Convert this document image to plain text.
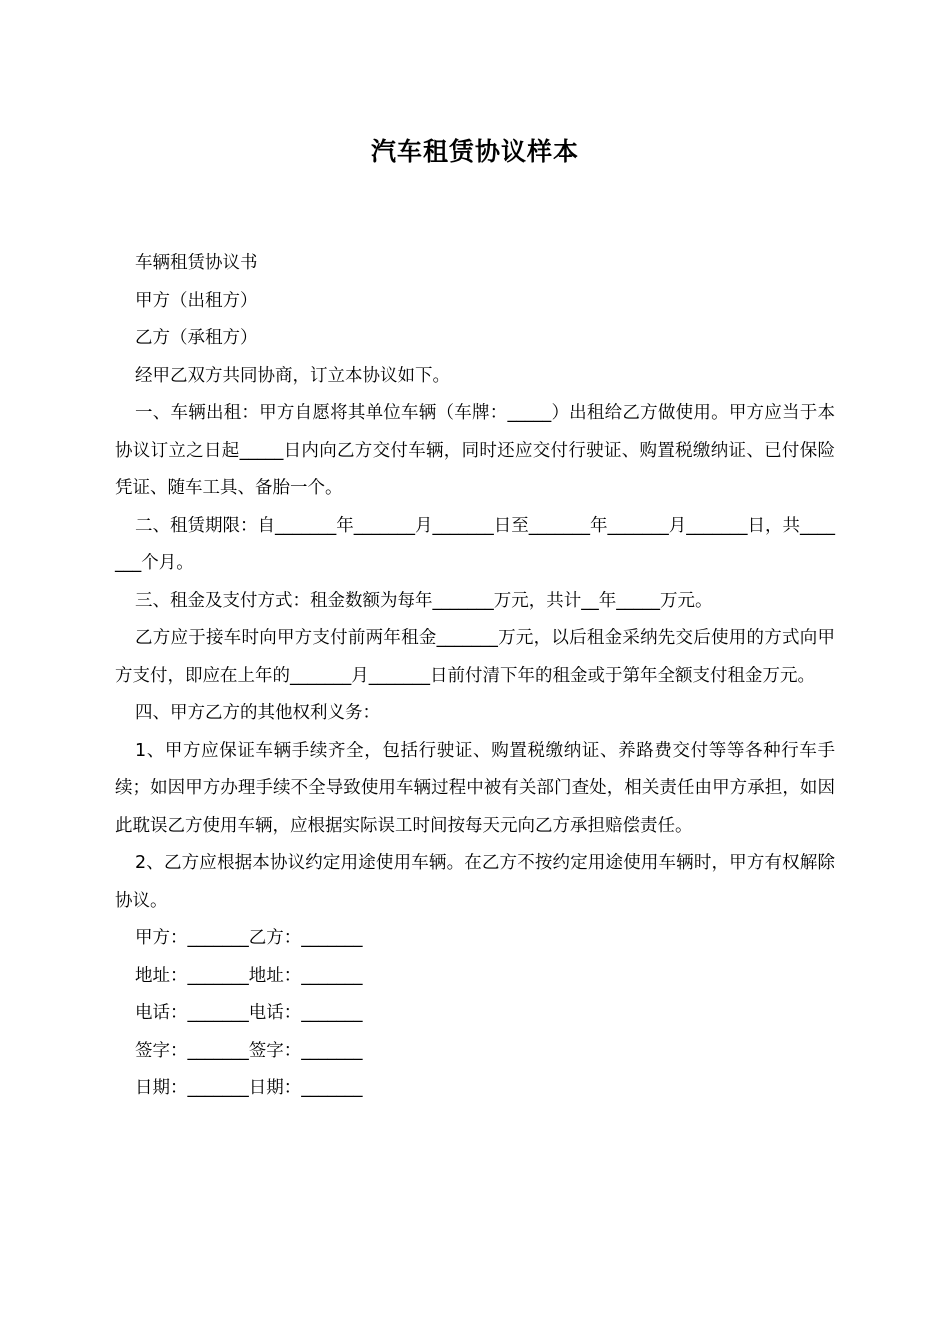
汽车租赁协议样本

车辆租赁协议书

甲方（出租方）

乙方（承租方）

经甲乙双方共同协商，订立本协议如下。

一、车辆出租：甲方自愿将其单位车辆（车牌：_____）出租给乙方做使用。甲方应当于本协议订立之日起_____日内向乙方交付车辆，同时还应交付行驶证、购置税缴纳证、已付保险凭证、随车工具、备胎一个。

二、租赁期限：自_______年_______月_______日至_______年_______月_______日，共_______个月。

三、租金及支付方式：租金数额为每年_______万元，共计__年_____万元。

乙方应于接车时向甲方支付前两年租金_______万元，以后租金采纳先交后使用的方式向甲方支付，即应在上年的_______月_______日前付清下年的租金或于第年全额支付租金万元。

四、甲方乙方的其他权利义务：

1、甲方应保证车辆手续齐全，包括行驶证、购置税缴纳证、养路费交付等等各种行车手续；如因甲方办理手续不全导致使用车辆过程中被有关部门查处，相关责任由甲方承担，如因此耽误乙方使用车辆，应根据实际误工时间按每天元向乙方承担赔偿责任。

2、乙方应根据本协议约定用途使用车辆。在乙方不按约定用途使用车辆时，甲方有权解除协议。

甲方：_______乙方：_______

地址：_______地址：_______

电话：_______电话：_______

签字：_______签字：_______

日期：_______日期：_______
